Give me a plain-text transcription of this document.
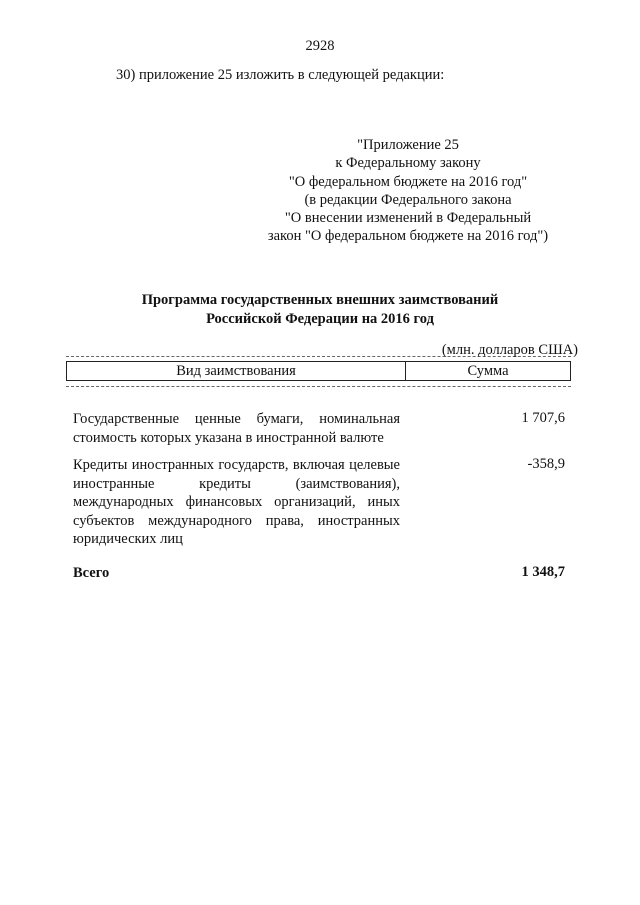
2928
30) приложение 25 изложить в следующей редакции:
"Приложение 25
к Федеральному закону
"О федеральном бюджете на 2016 год"
(в редакции Федерального закона
"О внесении изменений в Федеральный
закон "О федеральном бюджете на 2016 год")
Программа государственных внешних заимствований
Российской Федерации на 2016 год
(млн. долларов США)
Вид заимствования	Сумма
Государственные ценные бумаги, номинальная стоимость которых указана в иностранной валюте
1 707,6
Кредиты иностранных государств, включая целевые иностранные кредиты (заимствования), международных финансовых организаций, иных субъектов международного права, иностранных юридических лиц
-358,9
Всего	1 348,7
